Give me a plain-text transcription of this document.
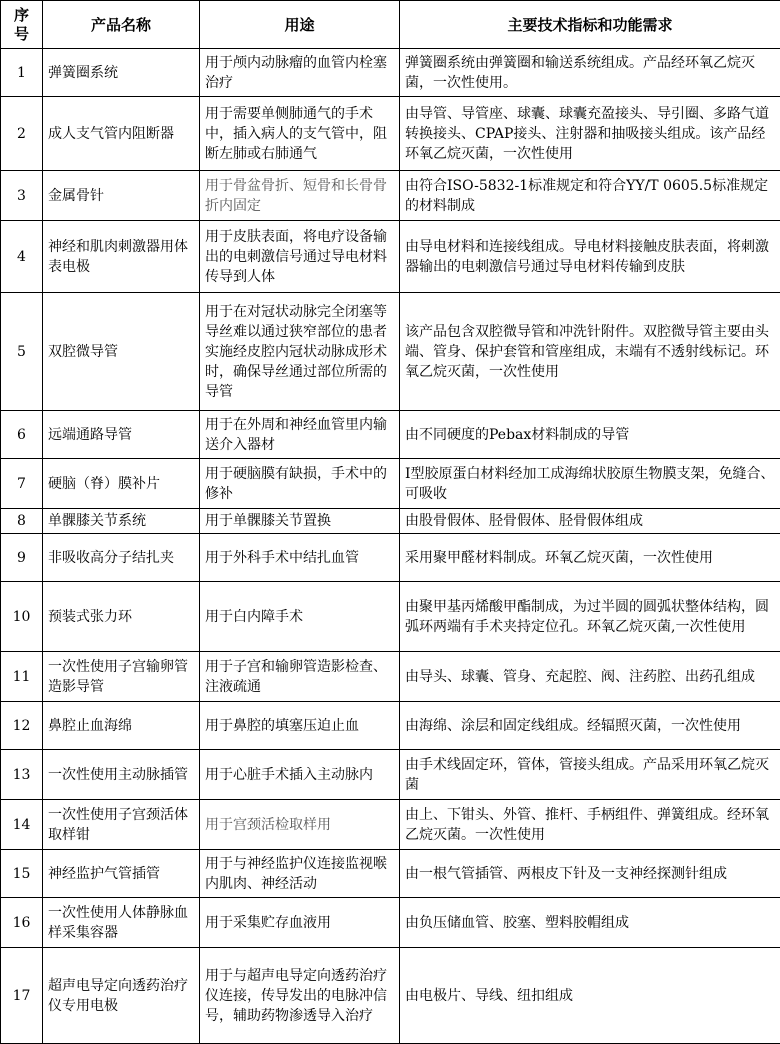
序号	产品名称	用途	主要技术指标和功能需求
1	弹簧圈系统	用于颅内动脉瘤的血管内栓塞治疗	弹簧圈系统由弹簧圈和输送系统组成。产品经环氧乙烷灭菌，一次性使用。
2	成人支气管内阻断器	用于需要单侧肺通气的手术中，插入病人的支气管中，阻断左肺或右肺通气	由导管、导管座、球囊、球囊充盈接头、导引圈、多路气道转换接头、CPAP接头、注射器和抽吸接头组成。该产品经环氧乙烷灭菌，一次性使用
3	金属骨针	用于骨盆骨折、短骨和长骨骨折内固定	由符合ISO-5832-1标准规定和符合YY/T 0605.5标准规定的材料制成
4	神经和肌肉刺激器用体表电极	用于皮肤表面，将电疗设备输出的电刺激信号通过导电材料传导到人体	由导电材料和连接线组成。导电材料接触皮肤表面，将刺激器输出的电刺激信号通过导电材料传输到皮肤
5	双腔微导管	用于在对冠状动脉完全闭塞等导丝难以通过狭窄部位的患者实施经皮腔内冠状动脉成形术时，确保导丝通过部位所需的导管	该产品包含双腔微导管和冲洗针附件。双腔微导管主要由头端、管身、保护套管和管座组成，末端有不透射线标记。环氧乙烷灭菌，一次性使用
6	远端通路导管	用于在外周和神经血管里内输送介入器材	由不同硬度的Pebax材料制成的导管
7	硬脑（脊）膜补片	用于硬脑膜有缺损，手术中的修补	Ⅰ型胶原蛋白材料经加工成海绵状胶原生物膜支架，免缝合、可吸收
8	单髁膝关节系统	用于单髁膝关节置换	由股骨假体、胫骨假体、胫骨假体组成
9	非吸收高分子结扎夹	用于外科手术中结扎血管	采用聚甲醛材料制成。环氧乙烷灭菌，一次性使用
10	预装式张力环	用于白内障手术	由聚甲基丙烯酸甲酯制成，为过半圆的圆弧状整体结构，圆弧环两端有手术夹持定位孔。环氧乙烷灭菌,一次性使用
11	一次性使用子宫输卵管造影导管	用于子宫和输卵管造影检查、注液疏通	由导头、球囊、管身、充起腔、阀、注药腔、出药孔组成
12	鼻腔止血海绵	用于鼻腔的填塞压迫止血	由海绵、涂层和固定线组成。经辐照灭菌，一次性使用
13	一次性使用主动脉插管	用于心脏手术插入主动脉内	由手术线固定环，管体，管接头组成。产品采用环氧乙烷灭菌
14	一次性使用子宫颈活体取样钳	用于宫颈活检取样用	由上、下钳头、外管、推杆、手柄组件、弹簧组成。经环氧乙烷灭菌。一次性使用
15	神经监护气管插管	用于与神经监护仪连接监视喉内肌肉、神经活动	由一根气管插管、两根皮下针及一支神经探测针组成
16	一次性使用人体静脉血样采集容器	用于采集贮存血液用	由负压储血管、胶塞、塑料胶帽组成
17	超声电导定向透药治疗仪专用电极	用于与超声电导定向透药治疗仪连接，传导发出的电脉冲信号，辅助药物渗透导入治疗	由电极片、导线、纽扣组成
